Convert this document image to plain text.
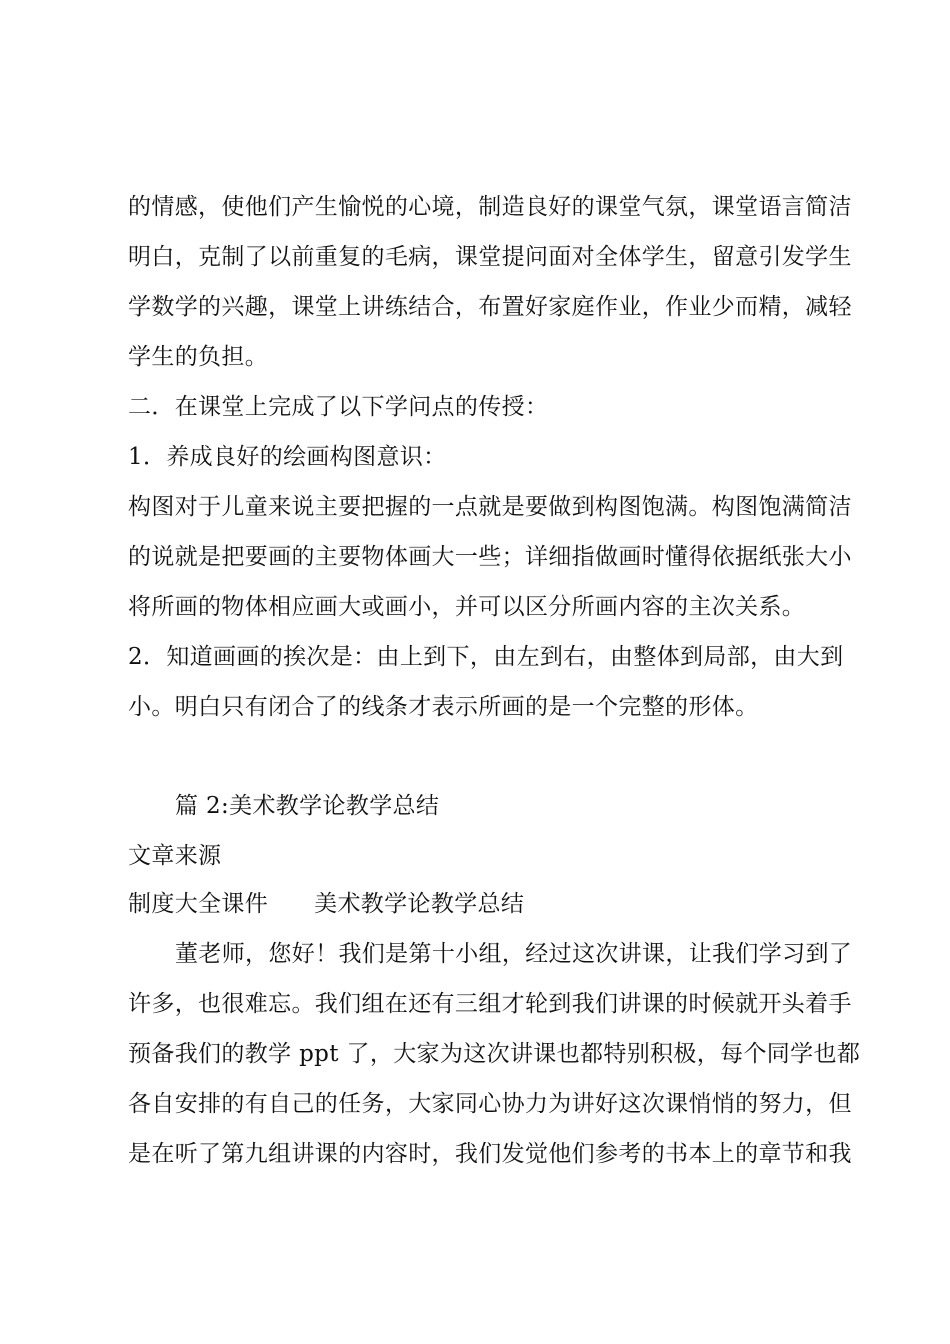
的情感，使他们产生愉悦的心境，制造良好的课堂气氛，课堂语言简洁
明白，克制了以前重复的毛病，课堂提问面对全体学生，留意引发学生
学数学的兴趣，课堂上讲练结合，布置好家庭作业，作业少而精，减轻
学生的负担。
二．在课堂上完成了以下学问点的传授：
1．养成良好的绘画构图意识：
构图对于儿童来说主要把握的一点就是要做到构图饱满。构图饱满简洁
的说就是把要画的主要物体画大一些；详细指做画时懂得依据纸张大小
将所画的物体相应画大或画小，并可以区分所画内容的主次关系。
2．知道画画的挨次是：由上到下，由左到右，由整体到局部，由大到
小。明白只有闭合了的线条才表示所画的是一个完整的形体。
篇 2:美术教学论教学总结
文章来源
制度大全课件 美术教学论教学总结
董老师，您好！我们是第十小组，经过这次讲课，让我们学习到了
许多，也很难忘。我们组在还有三组才轮到我们讲课的时候就开头着手
预备我们的教学 ppt 了，大家为这次讲课也都特别积极，每个同学也都
各自安排的有自己的任务，大家同心协力为讲好这次课悄悄的努力，但
是在听了第九组讲课的内容时，我们发觉他们参考的书本上的章节和我
